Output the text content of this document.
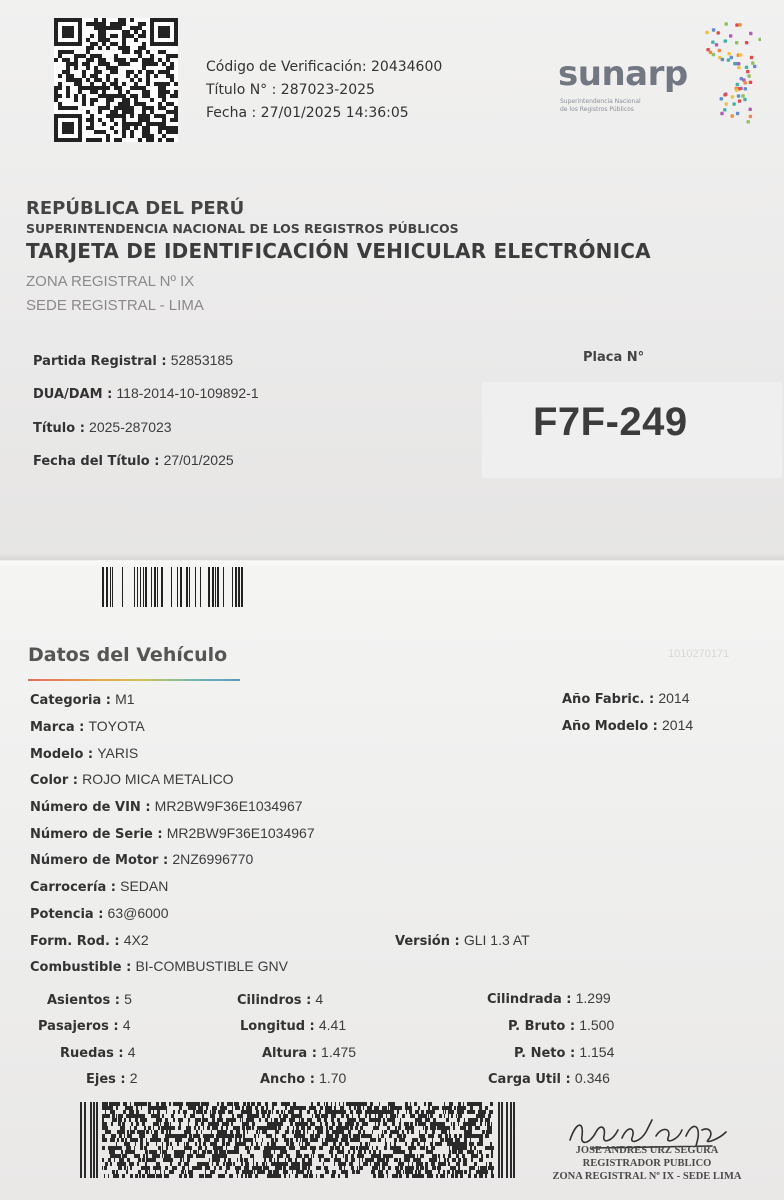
Código de Verificación: 20434600
Título N° : 287023-2025
Fecha : 27/01/2025 14:36:05
sunarp
Superintendencia Nacional
de los Registros Públicos
REPÚBLICA DEL PERÚ
SUPERINTENDENCIA NACIONAL DE LOS REGISTROS PÚBLICOS
TARJETA DE IDENTIFICACIÓN VEHICULAR ELECTRÓNICA
ZONA REGISTRAL Nº IX
SEDE REGISTRAL - LIMA
Partida Registral : 52853185
DUA/DAM : 118-2014-10-109892-1
Título : 2025-287023
Fecha del Título : 27/01/2025
Placa N°
F7F-249
Datos del Vehículo	1010270171
Categoria : M1
Marca : TOYOTA
Modelo : YARIS
Color : ROJO MICA METALICO
Número de VIN : MR2BW9F36E1034967
Número de Serie : MR2BW9F36E1034967
Número de Motor : 2NZ6996770
Carrocería : SEDAN
Potencia : 63@6000
Form. Rod. : 4X2	Versión : GLI 1.3 AT
Combustible : BI-COMBUSTIBLE GNV
Año Fabric. : 2014
Año Modelo : 2014
Asientos : 5
Pasajeros : 4
Ruedas : 4
Ejes : 2
Cilindros : 4
Longitud : 4.41
Altura : 1.475
Ancho : 1.70
Cilindrada : 1.299
P. Bruto : 1.500
P. Neto : 1.154
Carga Util : 0.346
JOSE ANDRES URZ SEGURA
REGISTRADOR PUBLICO
ZONA REGISTRAL Nº IX - SEDE LIMA
